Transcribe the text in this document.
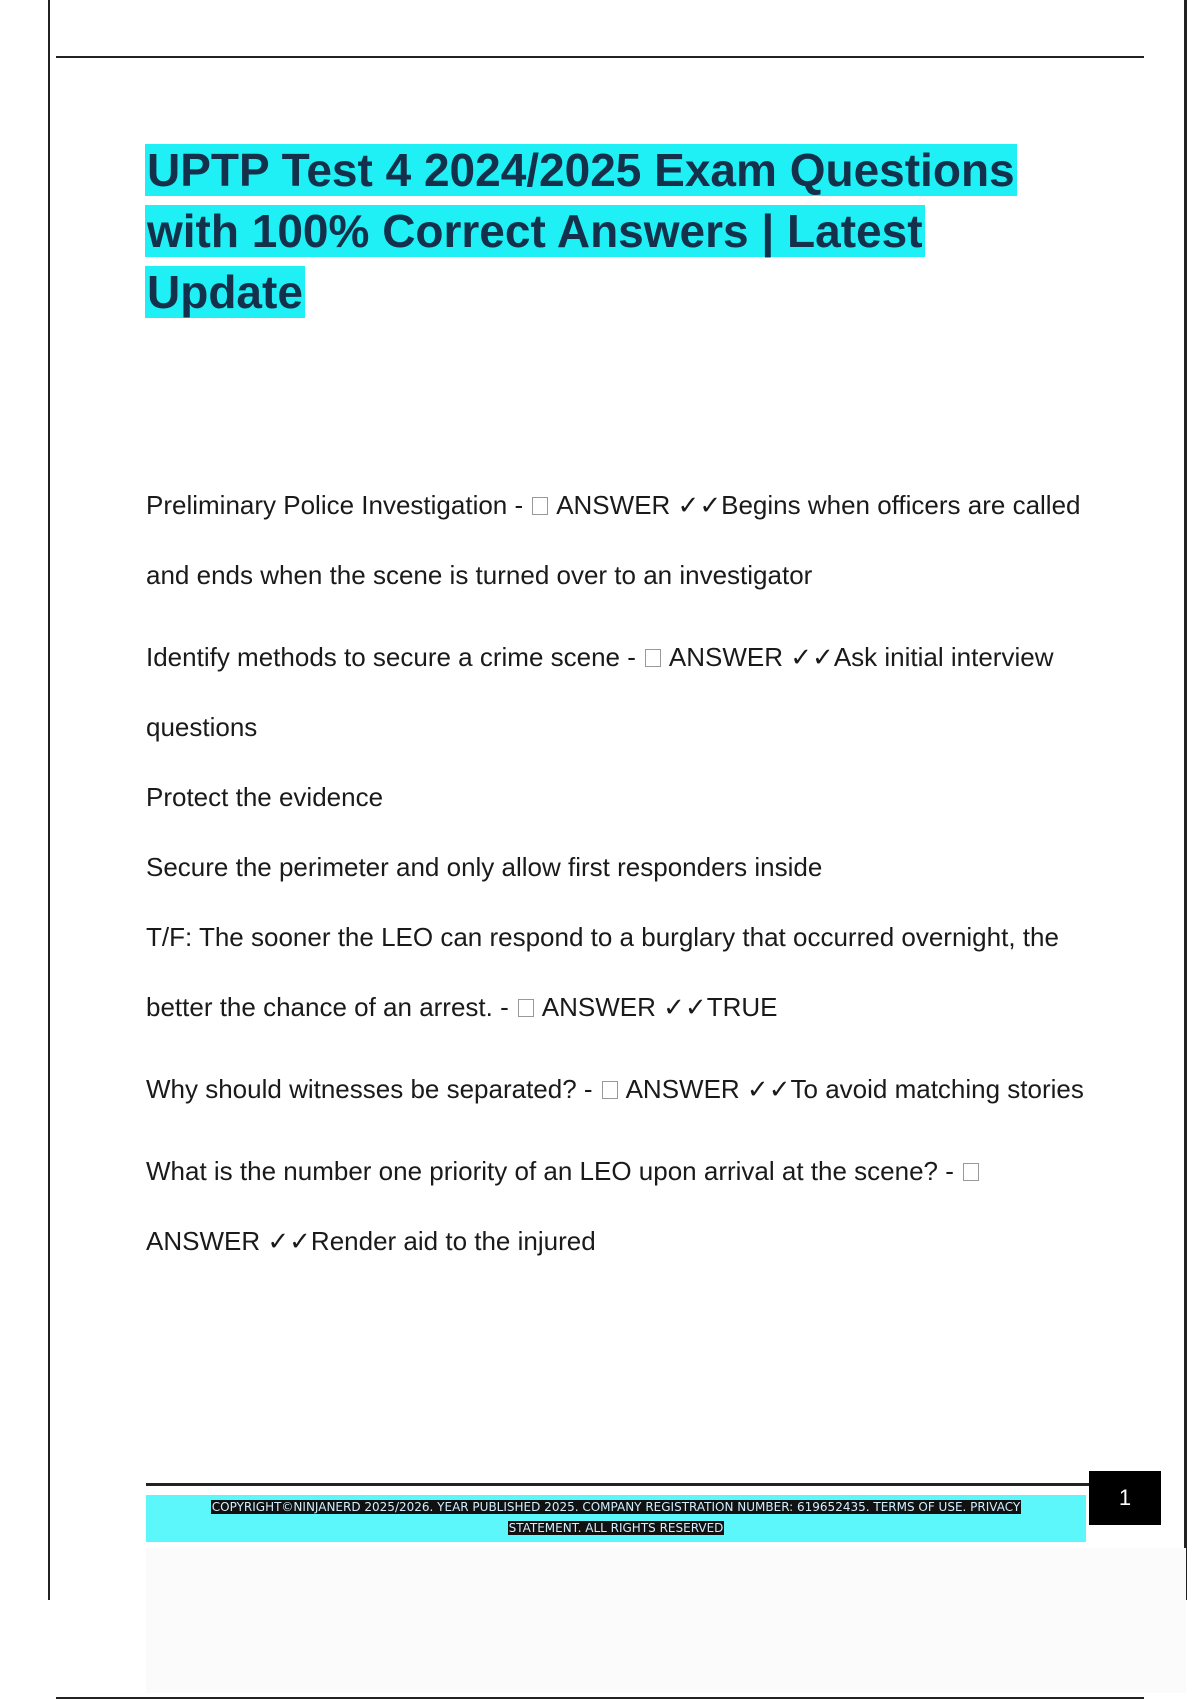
UPTP Test 4 2024/2025 Exam Questions
with 100% Correct Answers | Latest
Update

Preliminary Police Investigation -  ANSWER ✓✓Begins when officers are called and ends when the scene is turned over to an investigator

Identify methods to secure a crime scene -  ANSWER ✓✓Ask initial interview questions

Protect the evidence

Secure the perimeter and only allow first responders inside

T/F: The sooner the LEO can respond to a burglary that occurred overnight, the better the chance of an arrest. -  ANSWER ✓✓TRUE

Why should witnesses be separated? -  ANSWER ✓✓To avoid matching stories

What is the number one priority of an LEO upon arrival at the scene? -  ANSWER ✓✓Render aid to the injured

COPYRIGHT©NINJANERD 2025/2026. YEAR PUBLISHED 2025. COMPANY REGISTRATION NUMBER: 619652435. TERMS OF USE. PRIVACY
STATEMENT. ALL RIGHTS RESERVED
1
